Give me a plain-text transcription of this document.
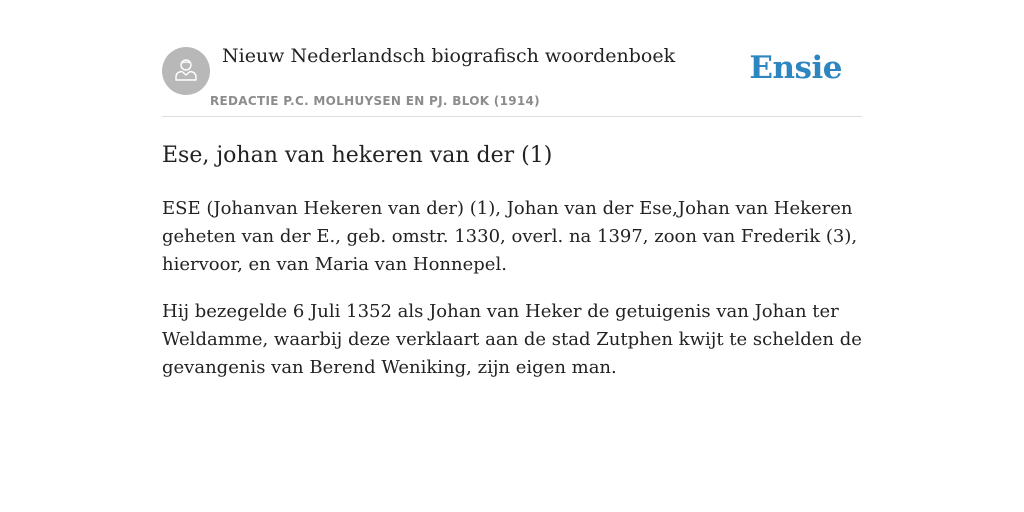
Nieuw Nederlandsch biografisch woordenboek
REDACTIE P.C. MOLHUYSEN EN PJ. BLOK (1914)
Ensie
Ese, johan van hekeren van der (1)

ESE (Johanvan Hekeren van der) (1), Johan van der Ese,Johan van Hekeren geheten van der E., geb. omstr. 1330, overl. na 1397, zoon van Frederik (3), hiervoor, en van Maria van Honnepel.

Hij bezegelde 6 Juli 1352 als Johan van Heker de getuigenis van Johan ter Weldamme, waarbij deze verklaart aan de stad Zutphen kwijt te schelden de gevangenis van Berend Weniking, zijn eigen man.
